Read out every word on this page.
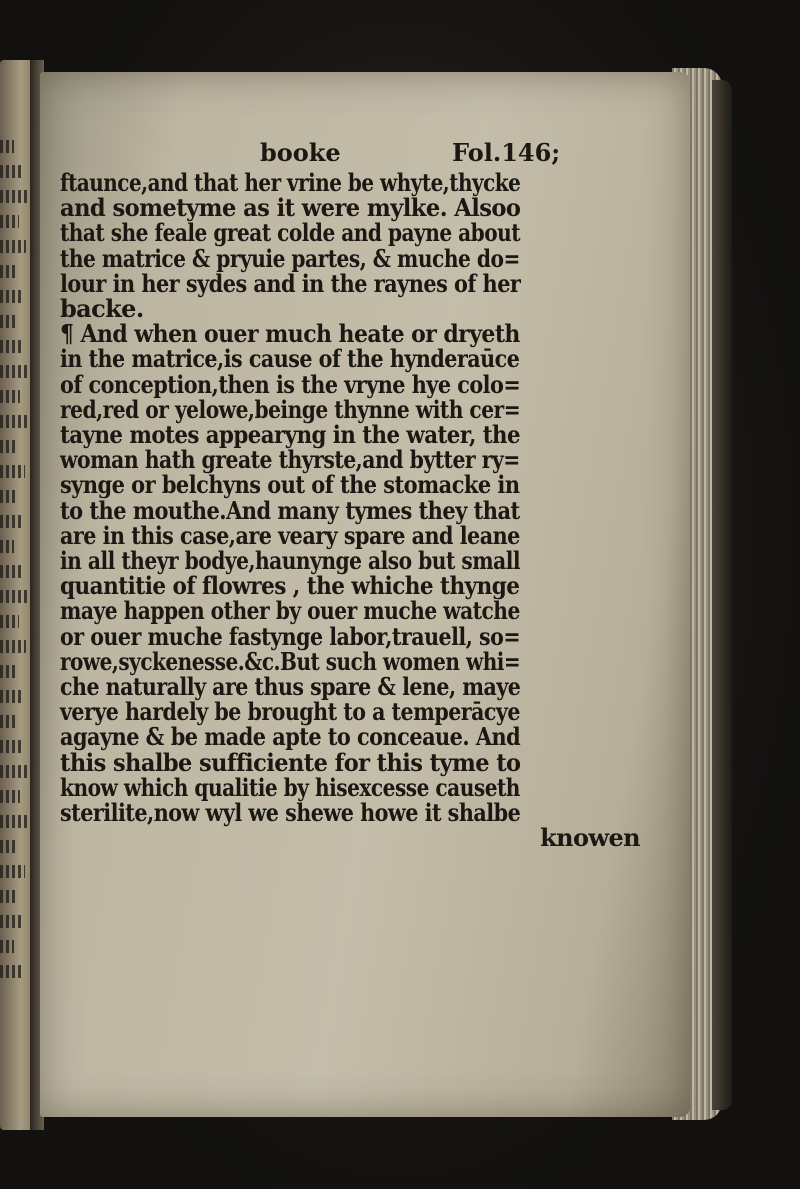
booke	Fol.146;
ftaunce,and that her vrine be whyte,thycke
and sometyme as it were mylke. Alsoo
that she feale great colde and payne about
the matrice & pryuie partes, & muche do=
lour in her sydes and in the raynes of her
backe.
¶ And when ouer much heate or dryeth
in the matrice,is cause of the hynderaūce
of conception,then is the vryne hye colo=
red,red or yelowe,beinge thynne with cer=
tayne motes appearyng in the water, the
woman hath greate thyrste,and bytter ry=
synge or belchyns out of the stomacke in
to the mouthe.And many tymes they that
are in this case,are veary spare and leane
in all theyr bodye,haunynge also but small
quantitie of flowres , the whiche thynge
maye happen other by ouer muche watche
or ouer muche fastynge labor,trauell, so=
rowe,syckenesse.&c.But such women whi=
che naturally are thus spare & lene, maye
verye hardely be brought to a temperācye
agayne & be made apte to conceaue. And
this shalbe sufficiente for this tyme to
know which qualitie by hisexcesse causeth
sterilite,now wyl we shewe howe it shalbe
knowen
